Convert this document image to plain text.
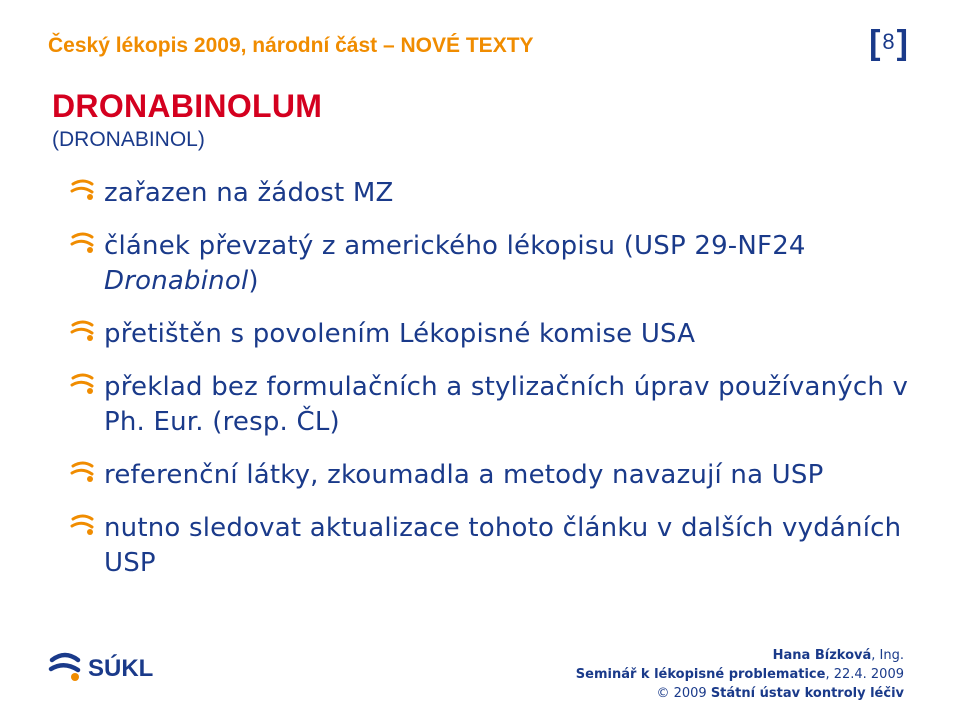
Český lékopis 2009, národní část – NOVÉ TEXTY	[8]
DRONABINOLUM
(DRONABINOL)
zařazen na žádost MZ
článek převzatý z amerického lékopisu (USP 29-NF24 Dronabinol)
přetištěn s povolením Lékopisné komise USA
překlad bez formulačních a stylizačních úprav používaných v Ph. Eur. (resp. ČL)
referenční látky, zkoumadla a metody navazují na USP
nutno sledovat aktualizace tohoto článku v dalších vydáních USP
SÚKL	Hana Bízková, Ing.
Seminář k lékopisné problematice, 22.4. 2009
© 2009 Státní ústav kontroly léčiv
